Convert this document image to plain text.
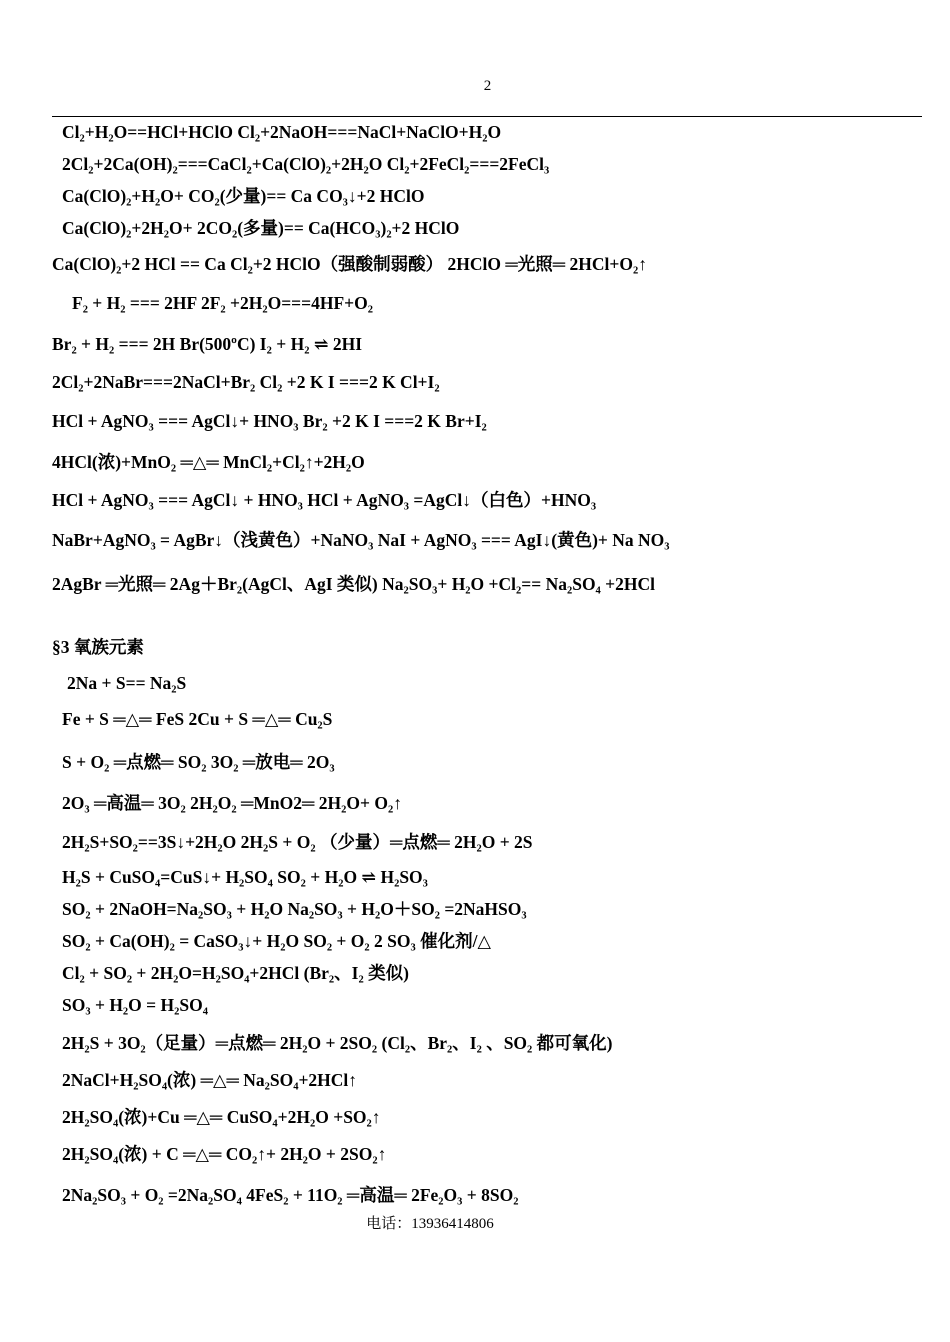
2
Cl₂+H₂O==HCl+HClO Cl₂+2NaOH===NaCl+NaClO+H₂O
2Cl₂+2Ca(OH)₂===CaCl₂+Ca(ClO)₂+2H₂O Cl₂+2FeCl₂===2FeCl₃
Ca(ClO)₂+H₂O+ CO₂(少量)== Ca CO₃↓+2 HClO
Ca(ClO)₂+2H₂O+ 2CO₂(多量)== Ca(HCO₃)₂+2 HClO
Ca(ClO)₂+2 HCl == Ca Cl₂+2 HClO（强酸制弱酸） 2HClO ═光照═ 2HCl+O₂↑
F₂ + H₂ === 2HF 2F₂ +2H₂O===4HF+O₂
Br₂ + H₂ === 2H Br(500ºC) I₂ + H₂ ⇌ 2HI
2Cl₂+2NaBr===2NaCl+Br₂ Cl₂ +2 K I ===2 K Cl+I₂
HCl + AgNO₃ === AgCl↓+ HNO₃ Br₂ +2 K I ===2 K Br+I₂
4HCl(浓)+MnO₂ ═△═ MnCl₂+Cl₂↑+2H₂O
HCl + AgNO₃ === AgCl↓ + HNO₃ HCl + AgNO₃ =AgCl↓（白色）+HNO₃
NaBr+AgNO₃ = AgBr↓（浅黄色）+NaNO₃ NaI + AgNO₃ === AgI↓(黄色)+ Na NO₃
2AgBr ═光照═ 2Ag＋Br₂(AgCl、AgI 类似) Na₂SO₃+ H₂O +Cl₂== Na₂SO₄ +2HCl
§3 氧族元素
2Na + S== Na₂S
Fe + S ═△═ FeS 2Cu + S ═△═ Cu₂S
S + O₂ ═点燃═ SO₂ 3O₂ ═放电═ 2O₃
2O₃ ═高温═ 3O₂ 2H₂O₂ ═MnO2═ 2H₂O+ O₂↑
2H₂S+SO₂==3S↓+2H₂O 2H₂S + O₂ （少量）═点燃═ 2H₂O + 2S
H₂S + CuSO₄=CuS↓+ H₂SO₄ SO₂ + H₂O ⇌ H₂SO₃
SO₂ + 2NaOH=Na₂SO₃ + H₂O Na₂SO₃ + H₂O＋SO₂ =2NaHSO₃
SO₂ + Ca(OH)₂ = CaSO₃↓+ H₂O SO₂ + O₂ 2 SO₃ 催化剂/△
Cl₂ + SO₂ + 2H₂O=H₂SO₄+2HCl (Br₂、I₂ 类似)
SO₃ + H₂O = H₂SO₄
2H₂S + 3O₂（足量）═点燃═ 2H₂O + 2SO₂ (Cl₂、Br₂、I₂ 、SO₂ 都可氧化)
2NaCl+H₂SO₄(浓) ═△═ Na₂SO₄+2HCl↑
2H₂SO₄(浓)+Cu ═△═ CuSO₄+2H₂O +SO₂↑
2H₂SO₄(浓) + C ═△═ CO₂↑+ 2H₂O + 2SO₂↑
2Na₂SO₃ + O₂ =2Na₂SO₄ 4FeS₂ + 11O₂ ═高温═ 2Fe₂O₃ + 8SO₂
电话：13936414806
